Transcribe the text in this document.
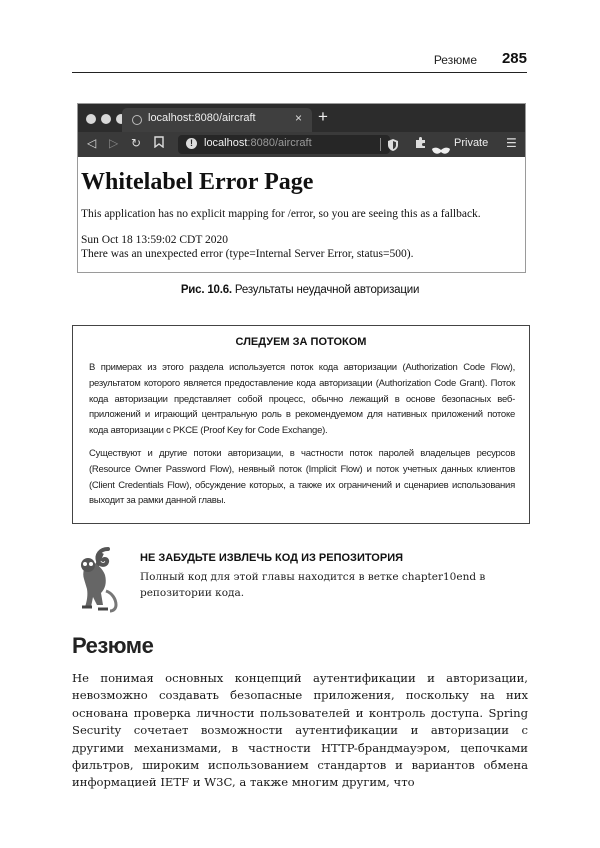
Резюме 285
localhost:8080/aircraft	× +
◁ ▷ ↻	!	localhost:8080/aircraft	Private ☰
Whitelabel Error Page
This application has no explicit mapping for /error, so you are seeing this as a fallback.
Sun Oct 18 13:59:02 CDT 2020
There was an unexpected error (type=Internal Server Error, status=500).
Рис. 10.6. Результаты неудачной авторизации
СЛЕДУЕМ ЗА ПОТОКОМ
В примерах из этого раздела используется поток кода авторизации (Authorization Code Flow), результатом которого является предоставление кода авторизации (Authorization Code Grant). Поток кода авторизации представляет собой процесс, обычно лежащий в основе безопасных веб-приложений и играющий центральную роль в рекомендуемом для нативных приложений потоке кода авторизации с PKCE (Proof Key for Code Exchange).
Существуют и другие потоки авторизации, в частности поток паролей владельцев ресурсов (Resource Owner Password Flow), неявный поток (Implicit Flow) и поток учетных данных клиентов (Client Credentials Flow), обсуждение которых, а также их ограничений и сценариев использования выходит за рамки данной главы.
НЕ ЗАБУДЬТЕ ИЗВЛЕЧЬ КОД ИЗ РЕПОЗИТОРИЯ
Полный код для этой главы находится в ветке chapter10end в репозитории кода.
Резюме
Не понимая основных концепций аутентификации и авторизации, невозможно создавать безопасные приложения, поскольку на них основана проверка личности пользователей и контроль доступа. Spring Security сочетает возможности аутентификации и авторизации с другими механизмами, в частности HTTP-брандмауэром, цепочками фильтров, широким использованием стандартов и вариантов обмена информацией IETF и W3C, а также многим другим, что
